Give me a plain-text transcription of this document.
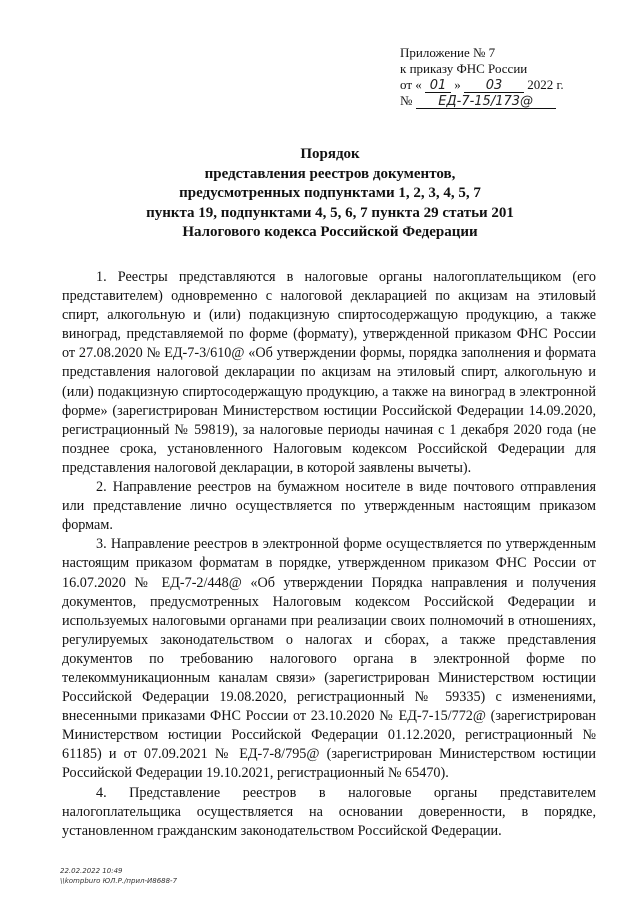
Приложение № 7
к приказу ФНС России
от « 01 » 03 2022 г.
№ ЕД-7-15/173@
Порядок
представления реестров документов,
предусмотренных подпунктами 1, 2, 3, 4, 5, 7
пункта 19, подпунктами 4, 5, 6, 7 пункта 29 статьи 201
Налогового кодекса Российской Федерации

1. Реестры представляются в налоговые органы налогоплательщиком (его представителем) одновременно с налоговой декларацией по акцизам на этиловый спирт, алкогольную и (или) подакцизную спиртосодержащую продукцию, а также виноград, представляемой по форме (формату), утвержденной приказом ФНС России от 27.08.2020 № ЕД-7-3/610@ «Об утверждении формы, порядка заполнения и формата представления налоговой декларации по акцизам на этиловый спирт, алкогольную и (или) подакцизную спиртосодержащую продукцию, а также на виноград в электронной форме» (зарегистрирован Министерством юстиции Российской Федерации 14.09.2020, регистрационный № 59819), за налоговые периоды начиная с 1 декабря 2020 года (не позднее срока, установленного Налоговым кодексом Российской Федерации для представления налоговой декларации, в которой заявлены вычеты).

2. Направление реестров на бумажном носителе в виде почтового отправления или представление лично осуществляется по утвержденным настоящим приказом формам.

3. Направление реестров в электронной форме осуществляется по утвержденным настоящим приказом форматам в порядке, утвержденном приказом ФНС России от 16.07.2020 № ЕД-7-2/448@ «Об утверждении Порядка направления и получения документов, предусмотренных Налоговым кодексом Российской Федерации и используемых налоговыми органами при реализации своих полномочий в отношениях, регулируемых законодательством о налогах и сборах, а также представления документов по требованию налогового органа в электронной форме по телекоммуникационным каналам связи» (зарегистрирован Министерством юстиции Российской Федерации 19.08.2020, регистрационный № 59335) с изменениями, внесенными приказами ФНС России от 23.10.2020 № ЕД-7-15/772@ (зарегистрирован Министерством юстиции Российской Федерации 01.12.2020, регистрационный № 61185) и от 07.09.2021 № ЕД-7-8/795@ (зарегистрирован Министерством юстиции Российской Федерации 19.10.2021, регистрационный № 65470).

4. Представление реестров в налоговые органы представителем налогоплательщика осуществляется на основании доверенности, в порядке, установленном гражданским законодательством Российской Федерации.

22.02.2022 10:49
\\kompburo ЮЛ.Р./прил-И8688-7
